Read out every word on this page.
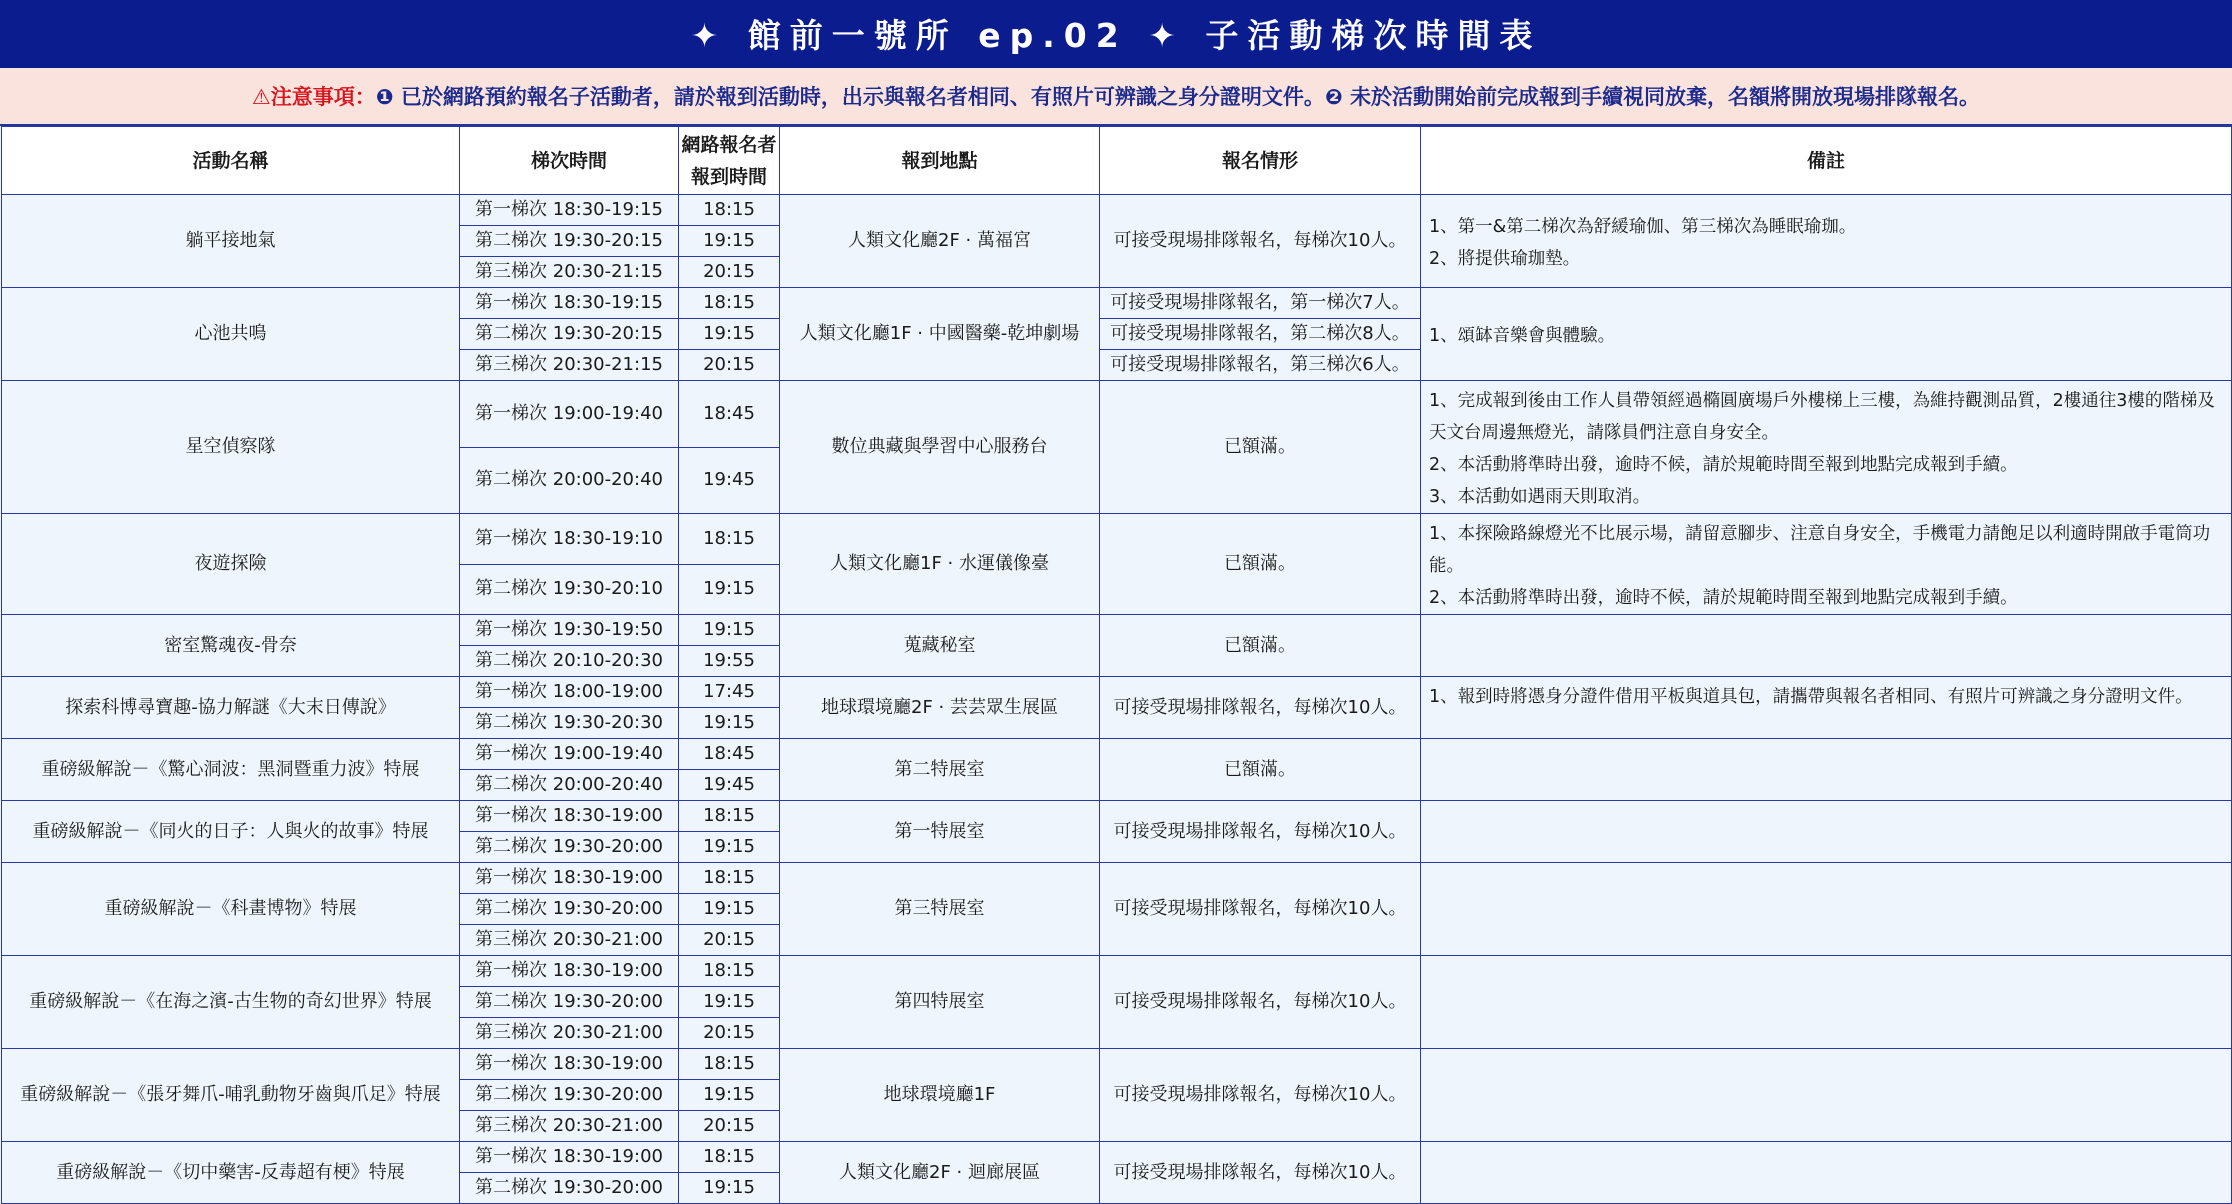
✦ 館前一號所 ep.02 ✦ 子活動梯次時間表
⚠注意事項： ❶ 已於網路預約報名子活動者，請於報到活動時，出示與報名者相同、有照片可辨識之身分證明文件。❷ 未於活動開始前完成報到手續視同放棄，名額將開放現場排隊報名。
活動名稱	梯次時間	網路報名者報到時間	報到地點	報名情形	備註
躺平接地氣	第一梯次 18:30-19:15	18:15	人類文化廳2F · 萬福宮	可接受現場排隊報名，每梯次10人。	1、第一&第二梯次為舒緩瑜伽、第三梯次為睡眠瑜珈。
2、將提供瑜珈墊。

	第二梯次 19:30-20:15	19:15			
	第三梯次 20:30-21:15	20:15			
心池共鳴	第一梯次 18:30-19:15	18:15	人類文化廳1F · 中國醫藥-乾坤劇場	可接受現場排隊報名，第一梯次7人。	1、頌缽音樂會與體驗。

	第二梯次 19:30-20:15	19:15		可接受現場排隊報名，第二梯次8人。	
	第三梯次 20:30-21:15	20:15		可接受現場排隊報名，第三梯次6人。	
星空偵察隊	第一梯次 19:00-19:40	18:45	數位典藏與學習中心服務台	已額滿。	1、完成報到後由工作人員帶領經過橢圓廣場戶外樓梯上三樓，為維持觀測品質，2樓通往3樓的階梯及天文台周邊無燈光，請隊員們注意自身安全。
2、本活動將準時出發，逾時不候，請於規範時間至報到地點完成報到手續。
3、本活動如遇雨天則取消。

	第二梯次 20:00-20:40	19:45			
夜遊探險	第一梯次 18:30-19:10	18:15	人類文化廳1F · 水運儀像臺	已額滿。	1、本探險路線燈光不比展示場，請留意腳步、注意自身安全，手機電力請飽足以利適時開啟手電筒功能。
2、本活動將準時出發，逾時不候，請於規範時間至報到地點完成報到手續。

	第二梯次 19:30-20:10	19:15			
密室驚魂夜-骨奈	第一梯次 19:30-19:50	19:15	蒐藏秘室	已額滿。	
	第二梯次 20:10-20:30	19:55			
探索科博尋寶趣-協力解謎《大末日傳說》	第一梯次 18:00-19:00	17:45	地球環境廳2F · 芸芸眾生展區	可接受現場排隊報名，每梯次10人。	1、報到時將憑身分證件借用平板與道具包，請攜帶與報名者相同、有照片可辨識之身分證明文件。

	第二梯次 19:30-20:30	19:15			
重磅級解說－《驚心洞波：黑洞暨重力波》特展	第一梯次 19:00-19:40	18:45	第二特展室	已額滿。	
	第二梯次 20:00-20:40	19:45			
重磅級解說－《同火的日子：人與火的故事》特展	第一梯次 18:30-19:00	18:15	第一特展室	可接受現場排隊報名，每梯次10人。	
	第二梯次 19:30-20:00	19:15			
重磅級解說－《科畫博物》特展	第一梯次 18:30-19:00	18:15	第三特展室	可接受現場排隊報名，每梯次10人。	
	第二梯次 19:30-20:00	19:15			
	第三梯次 20:30-21:00	20:15			
重磅級解說－《在海之濱-古生物的奇幻世界》特展	第一梯次 18:30-19:00	18:15	第四特展室	可接受現場排隊報名，每梯次10人。	
	第二梯次 19:30-20:00	19:15			
	第三梯次 20:30-21:00	20:15			
重磅級解說－《張牙舞爪-哺乳動物牙齒與爪足》特展	第一梯次 18:30-19:00	18:15	地球環境廳1F	可接受現場排隊報名，每梯次10人。	
	第二梯次 19:30-20:00	19:15			
	第三梯次 20:30-21:00	20:15			
重磅級解說－《切中藥害-反毒超有梗》特展	第一梯次 18:30-19:00	18:15	人類文化廳2F · 迴廊展區	可接受現場排隊報名，每梯次10人。	
	第二梯次 19:30-20:00	19:15			
